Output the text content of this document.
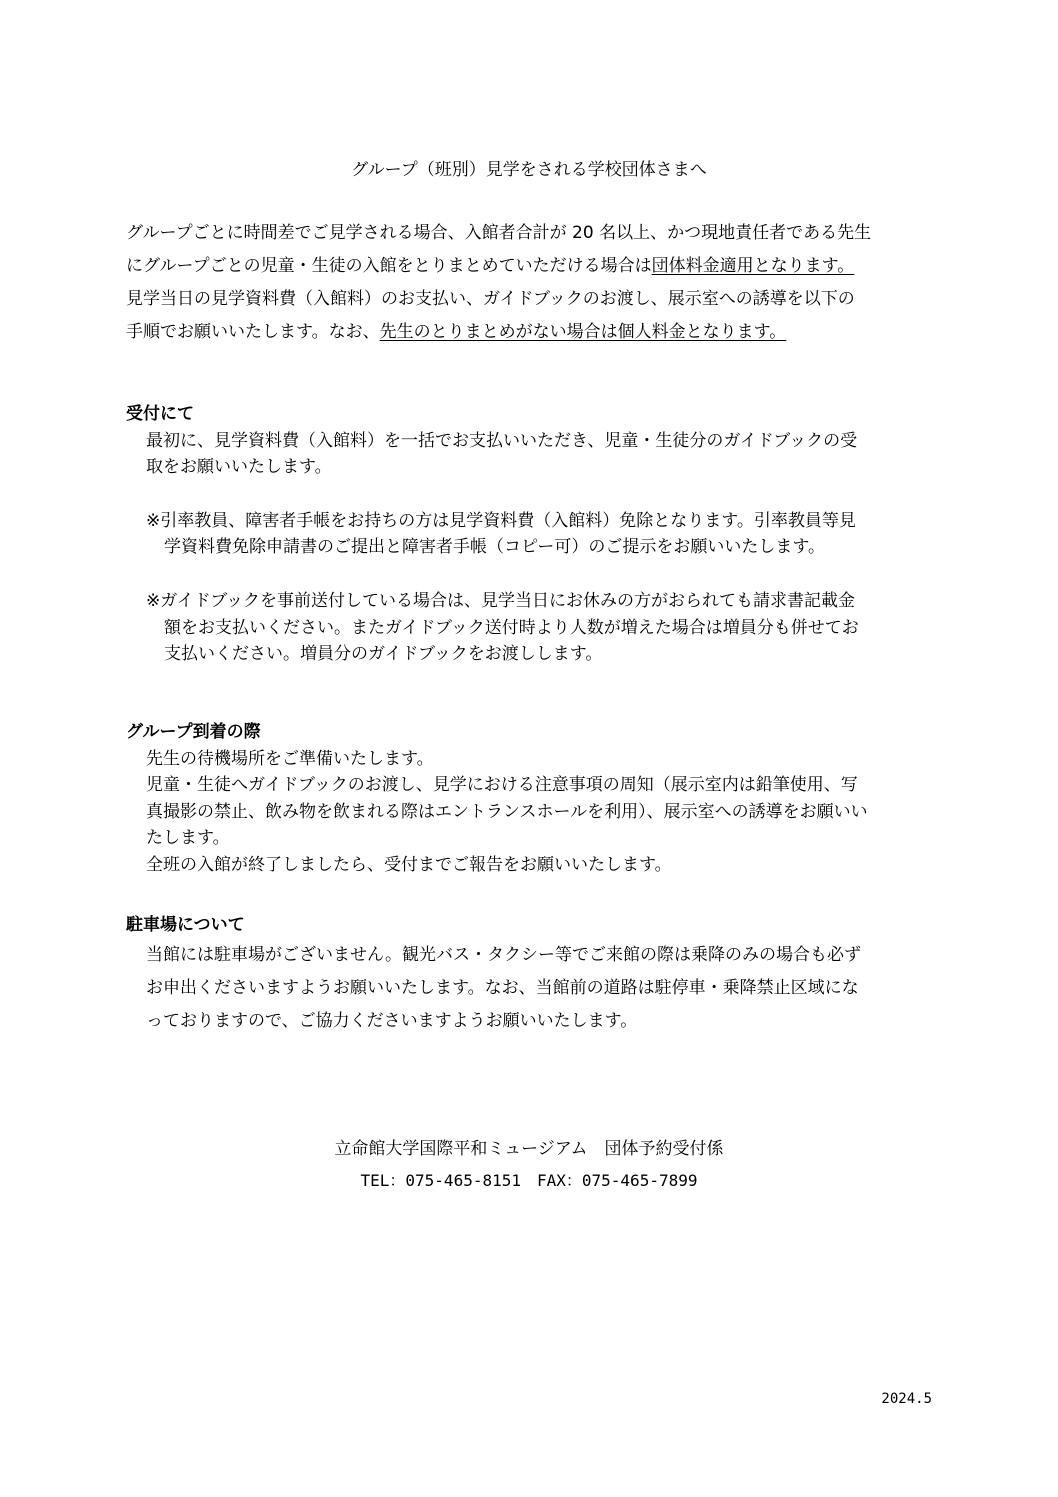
グループ（班別）見学をされる学校団体さまへ

グループごとに時間差でご見学される場合、入館者合計が 20 名以上、かつ現地責任者である先生

にグループごとの児童・生徒の入館をとりまとめていただける場合は団体料金適用となります。

見学当日の見学資料費（入館料）のお支払い、ガイドブックのお渡し、展示室への誘導を以下の

手順でお願いいたします。なお、先生のとりまとめがない場合は個人料金となります。

受付にて

最初に、見学資料費（入館料）を一括でお支払いいただき、児童・生徒分のガイドブックの受

取をお願いいたします。

※引率教員、障害者手帳をお持ちの方は見学資料費（入館料）免除となります。引率教員等見

学資料費免除申請書のご提出と障害者手帳（コピー可）のご提示をお願いいたします。

※ガイドブックを事前送付している場合は、見学当日にお休みの方がおられても請求書記載金

額をお支払いください。またガイドブック送付時より人数が増えた場合は増員分も併せてお

支払いください。増員分のガイドブックをお渡しします。

グループ到着の際

先生の待機場所をご準備いたします。

児童・生徒へガイドブックのお渡し、見学における注意事項の周知（展示室内は鉛筆使用、写

真撮影の禁止、飲み物を飲まれる際はエントランスホールを利用）、展示室への誘導をお願いい

たします。

全班の入館が終了しましたら、受付までご報告をお願いいたします。

駐車場について

当館には駐車場がございません。観光バス・タクシー等でご来館の際は乗降のみの場合も必ず

お申出くださいますようお願いいたします。なお、当館前の道路は駐停車・乗降禁止区域にな

っておりますので、ご協力くださいますようお願いいたします。

立命館大学国際平和ミュージアム　団体予約受付係

TEL：075-465-8151　FAX：075-465-7899

2024.5
